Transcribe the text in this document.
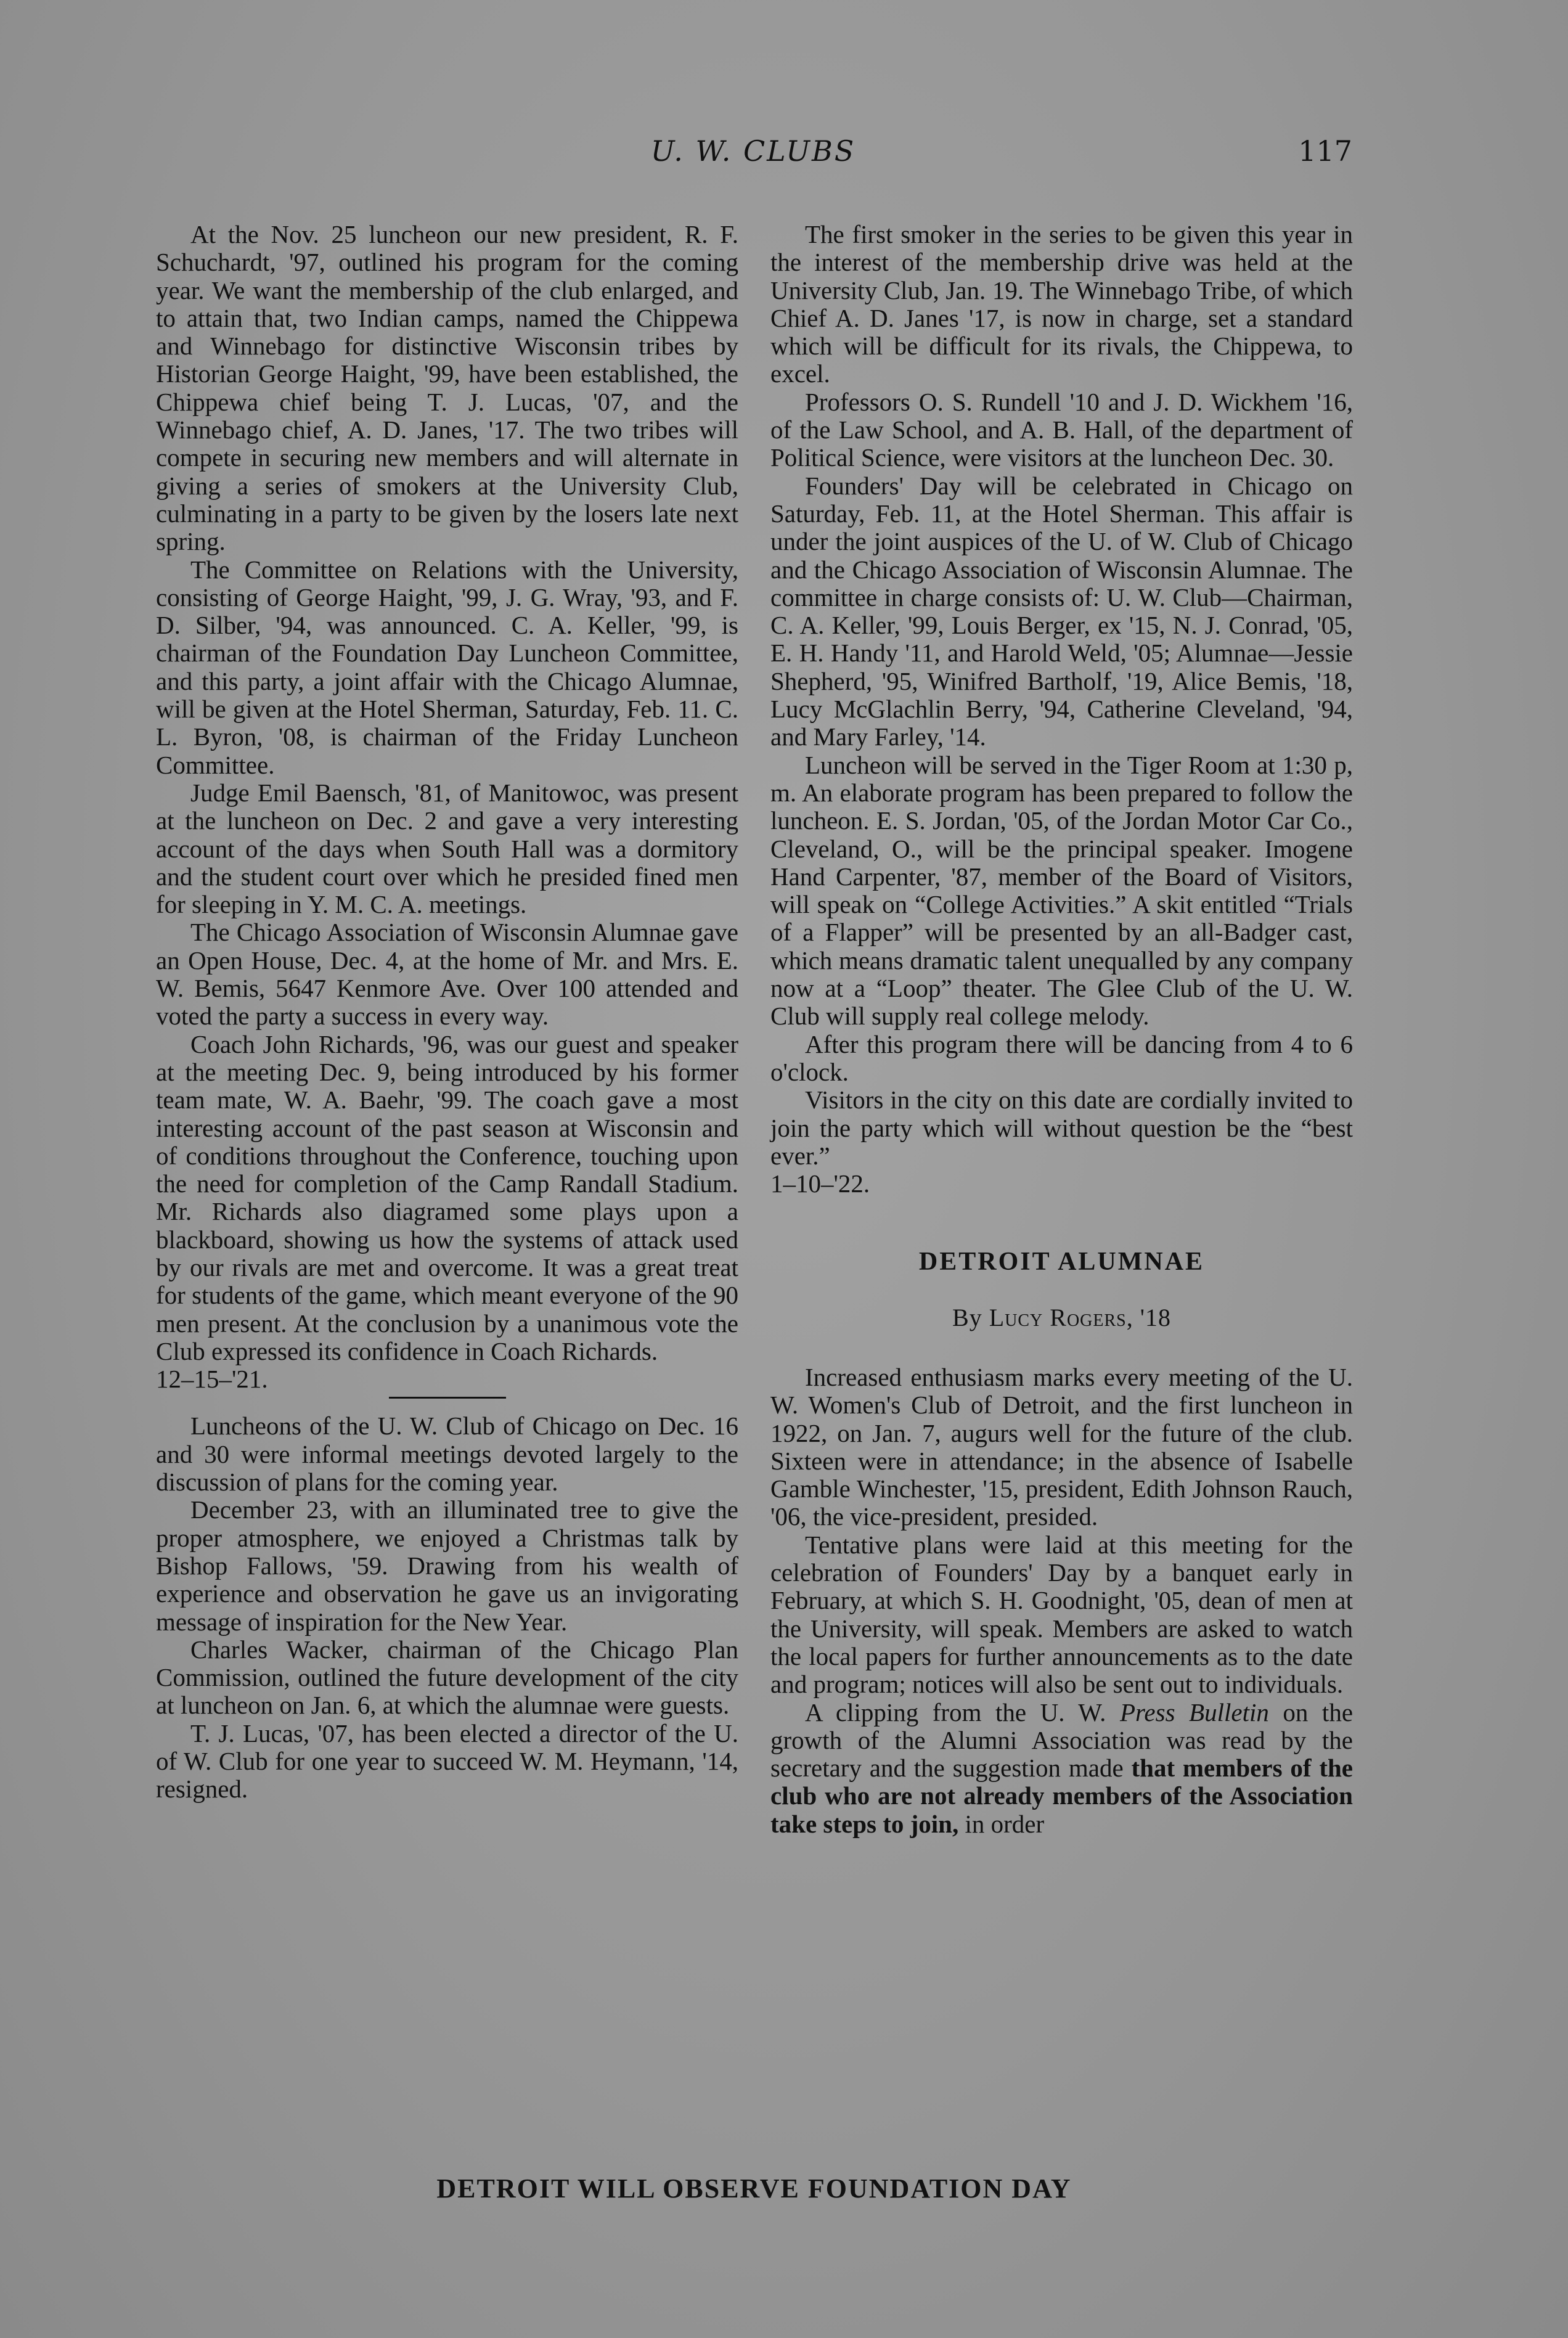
U. W. CLUBS	117

At the Nov. 25 luncheon our new president, R. F. Schuchardt, '97, outlined his program for the coming year. We want the membership of the club enlarged, and to attain that, two Indian camps, named the Chippewa and Winnebago for distinctive Wisconsin tribes by Historian George Haight, '99, have been established, the Chippewa chief being T. J. Lucas, '07, and the Winnebago chief, A. D. Janes, '17. The two tribes will compete in securing new members and will alternate in giving a series of smokers at the University Club, culminating in a party to be given by the losers late next spring.

The Committee on Relations with the University, consisting of George Haight, '99, J. G. Wray, '93, and F. D. Silber, '94, was announced. C. A. Keller, '99, is chairman of the Foundation Day Luncheon Committee, and this party, a joint affair with the Chicago Alumnae, will be given at the Hotel Sherman, Saturday, Feb. 11. C. L. Byron, '08, is chairman of the Friday Luncheon Committee.

Judge Emil Baensch, '81, of Manitowoc, was present at the luncheon on Dec. 2 and gave a very interesting account of the days when South Hall was a dormitory and the student court over which he presided fined men for sleeping in Y. M. C. A. meetings.

The Chicago Association of Wisconsin Alumnae gave an Open House, Dec. 4, at the home of Mr. and Mrs. E. W. Bemis, 5647 Kenmore Ave. Over 100 attended and voted the party a success in every way.

Coach John Richards, '96, was our guest and speaker at the meeting Dec. 9, being introduced by his former team mate, W. A. Baehr, '99. The coach gave a most interesting account of the past season at Wisconsin and of conditions throughout the Conference, touching upon the need for completion of the Camp Randall Stadium. Mr. Richards also diagramed some plays upon a blackboard, showing us how the systems of attack used by our rivals are met and overcome. It was a great treat for students of the game, which meant everyone of the 90 men present. At the conclusion by a unanimous vote the Club expressed its confidence in Coach Richards.

12–15–'21.

Luncheons of the U. W. Club of Chicago on Dec. 16 and 30 were informal meetings devoted largely to the discussion of plans for the coming year.

December 23, with an illuminated tree to give the proper atmosphere, we enjoyed a Christmas talk by Bishop Fallows, '59. Drawing from his wealth of experience and observation he gave us an invigorating message of inspiration for the New Year.

Charles Wacker, chairman of the Chicago Plan Commission, outlined the future development of the city at luncheon on Jan. 6, at which the alumnae were guests.

T. J. Lucas, '07, has been elected a director of the U. of W. Club for one year to succeed W. M. Heymann, '14, resigned.

The first smoker in the series to be given this year in the interest of the membership drive was held at the University Club, Jan. 19. The Winnebago Tribe, of which Chief A. D. Janes '17, is now in charge, set a standard which will be difficult for its rivals, the Chippewa, to excel.

Professors O. S. Rundell '10 and J. D. Wickhem '16, of the Law School, and A. B. Hall, of the department of Political Science, were visitors at the luncheon Dec. 30.

Founders' Day will be celebrated in Chicago on Saturday, Feb. 11, at the Hotel Sherman. This affair is under the joint auspices of the U. of W. Club of Chicago and the Chicago Association of Wisconsin Alumnae. The committee in charge consists of: U. W. Club—Chairman, C. A. Keller, '99, Louis Berger, ex '15, N. J. Conrad, '05, E. H. Handy '11, and Harold Weld, '05; Alumnae—Jessie Shepherd, '95, Winifred Bartholf, '19, Alice Bemis, '18, Lucy McGlachlin Berry, '94, Catherine Cleveland, '94, and Mary Farley, '14.

Luncheon will be served in the Tiger Room at 1:30 p, m. An elaborate program has been prepared to follow the luncheon. E. S. Jordan, '05, of the Jordan Motor Car Co., Cleveland, O., will be the principal speaker. Imogene Hand Carpenter, '87, member of the Board of Visitors, will speak on “College Activities.” A skit entitled “Trials of a Flapper” will be presented by an all-Badger cast, which means dramatic talent unequalled by any company now at a “Loop” theater. The Glee Club of the U. W. Club will supply real college melody.

After this program there will be dancing from 4 to 6 o'clock.

Visitors in the city on this date are cordially invited to join the party which will without question be the “best ever.”

1–10–'22.

DETROIT ALUMNAE
By Lucy Rogers, '18

Increased enthusiasm marks every meeting of the U. W. Women's Club of Detroit, and the first luncheon in 1922, on Jan. 7, augurs well for the future of the club. Sixteen were in attendance; in the absence of Isabelle Gamble Winchester, '15, president, Edith Johnson Rauch, '06, the vice-president, presided.

Tentative plans were laid at this meeting for the celebration of Founders' Day by a banquet early in February, at which S. H. Goodnight, '05, dean of men at the University, will speak. Members are asked to watch the local papers for further announcements as to the date and program; notices will also be sent out to individuals.

A clipping from the U. W. Press Bulletin on the growth of the Alumni Association was read by the secretary and the suggestion made that members of the club who are not already members of the Association take steps to join, in order

DETROIT WILL OBSERVE FOUNDATION DAY
